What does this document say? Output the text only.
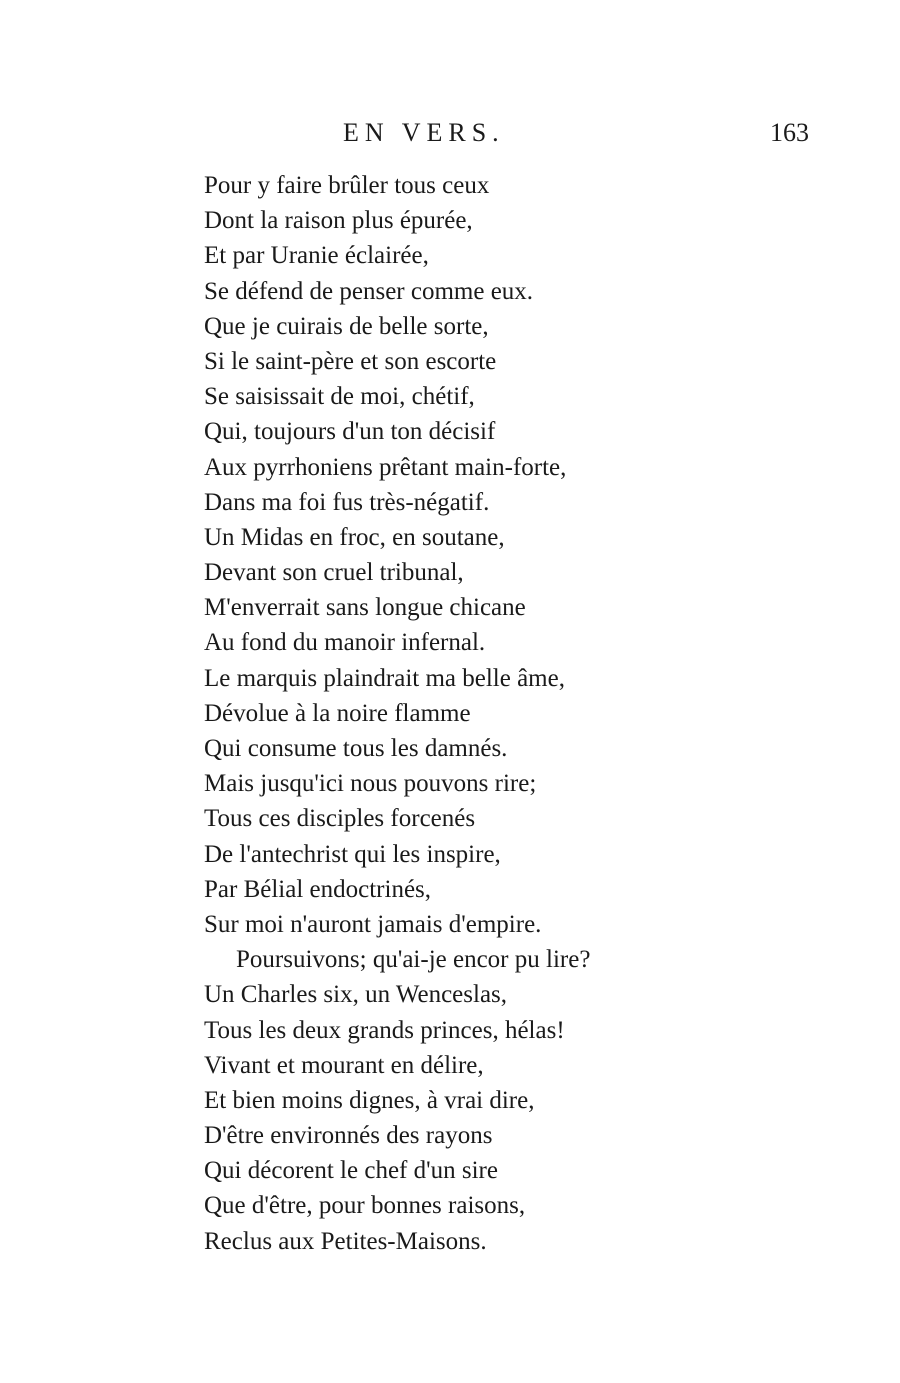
EN VERS.	163
Pour y faire brûler tous ceux
Dont la raison plus épurée,
Et par Uranie éclairée,
Se défend de penser comme eux.
Que je cuirais de belle sorte,
Si le saint-père et son escorte
Se saisissait de moi, chétif,
Qui, toujours d'un ton décisif
Aux pyrrhoniens prêtant main-forte,
Dans ma foi fus très-négatif.
Un Midas en froc, en soutane,
Devant son cruel tribunal,
M'enverrait sans longue chicane
Au fond du manoir infernal.
Le marquis plaindrait ma belle âme,
Dévolue à la noire flamme
Qui consume tous les damnés.
Mais jusqu'ici nous pouvons rire;
Tous ces disciples forcenés
De l'antechrist qui les inspire,
Par Bélial endoctrinés,
Sur moi n'auront jamais d'empire.
Poursuivons; qu'ai-je encor pu lire?
Un Charles six, un Wenceslas,
Tous les deux grands princes, hélas!
Vivant et mourant en délire,
Et bien moins dignes, à vrai dire,
D'être environnés des rayons
Qui décorent le chef d'un sire
Que d'être, pour bonnes raisons,
Reclus aux Petites-Maisons.
